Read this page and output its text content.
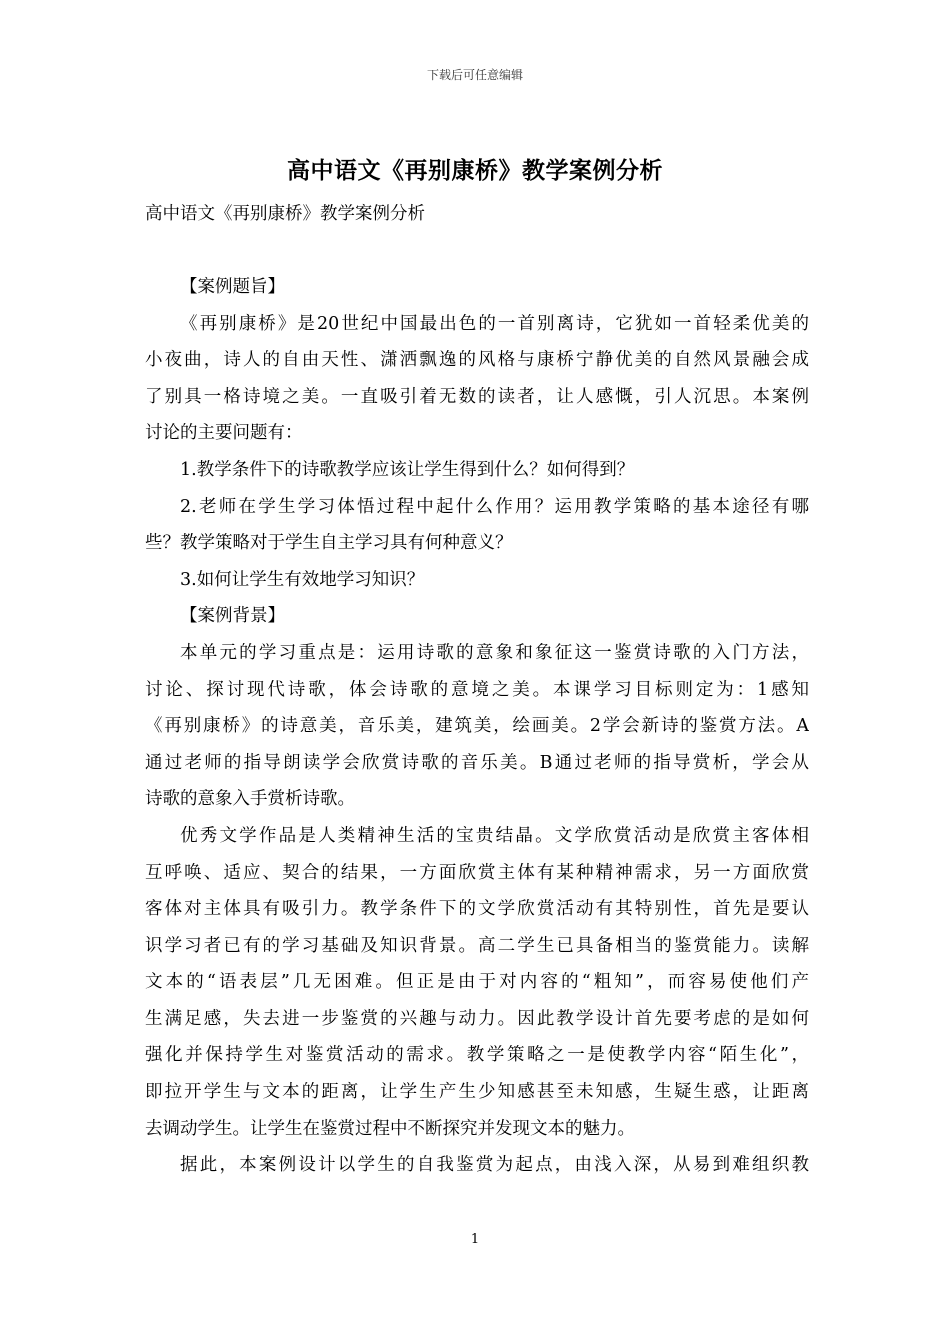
下载后可任意编辑
高中语文《再别康桥》教学案例分析
高中语文《再别康桥》教学案例分析
【案例题旨】
《再别康桥》是20世纪中国最出色的一首别离诗，它犹如一首轻柔优美的
小夜曲，诗人的自由天性、潇洒飘逸的风格与康桥宁静优美的自然风景融会成
了别具一格诗境之美。一直吸引着无数的读者，让人感慨，引人沉思。本案例
讨论的主要问题有：
1.教学条件下的诗歌教学应该让学生得到什么？如何得到？
2.老师在学生学习体悟过程中起什么作用？运用教学策略的基本途径有哪
些？教学策略对于学生自主学习具有何种意义？
3.如何让学生有效地学习知识？
【案例背景】
本单元的学习重点是：运用诗歌的意象和象征这一鉴赏诗歌的入门方法，
讨论、探讨现代诗歌，体会诗歌的意境之美。本课学习目标则定为：1感知
《再别康桥》的诗意美，音乐美，建筑美，绘画美。2学会新诗的鉴赏方法。A
通过老师的指导朗读学会欣赏诗歌的音乐美。B通过老师的指导赏析，学会从
诗歌的意象入手赏析诗歌。
优秀文学作品是人类精神生活的宝贵结晶。文学欣赏活动是欣赏主客体相
互呼唤、适应、契合的结果，一方面欣赏主体有某种精神需求，另一方面欣赏
客体对主体具有吸引力。教学条件下的文学欣赏活动有其特别性，首先是要认
识学习者已有的学习基础及知识背景。高二学生已具备相当的鉴赏能力。读解
文本的“语表层”几无困难。但正是由于对内容的“粗知”，而容易使他们产
生满足感，失去进一步鉴赏的兴趣与动力。因此教学设计首先要考虑的是如何
强化并保持学生对鉴赏活动的需求。教学策略之一是使教学内容“陌生化”，
即拉开学生与文本的距离，让学生产生少知感甚至未知感，生疑生惑，让距离
去调动学生。让学生在鉴赏过程中不断探究并发现文本的魅力。
据此，本案例设计以学生的自我鉴赏为起点，由浅入深，从易到难组织教
1
